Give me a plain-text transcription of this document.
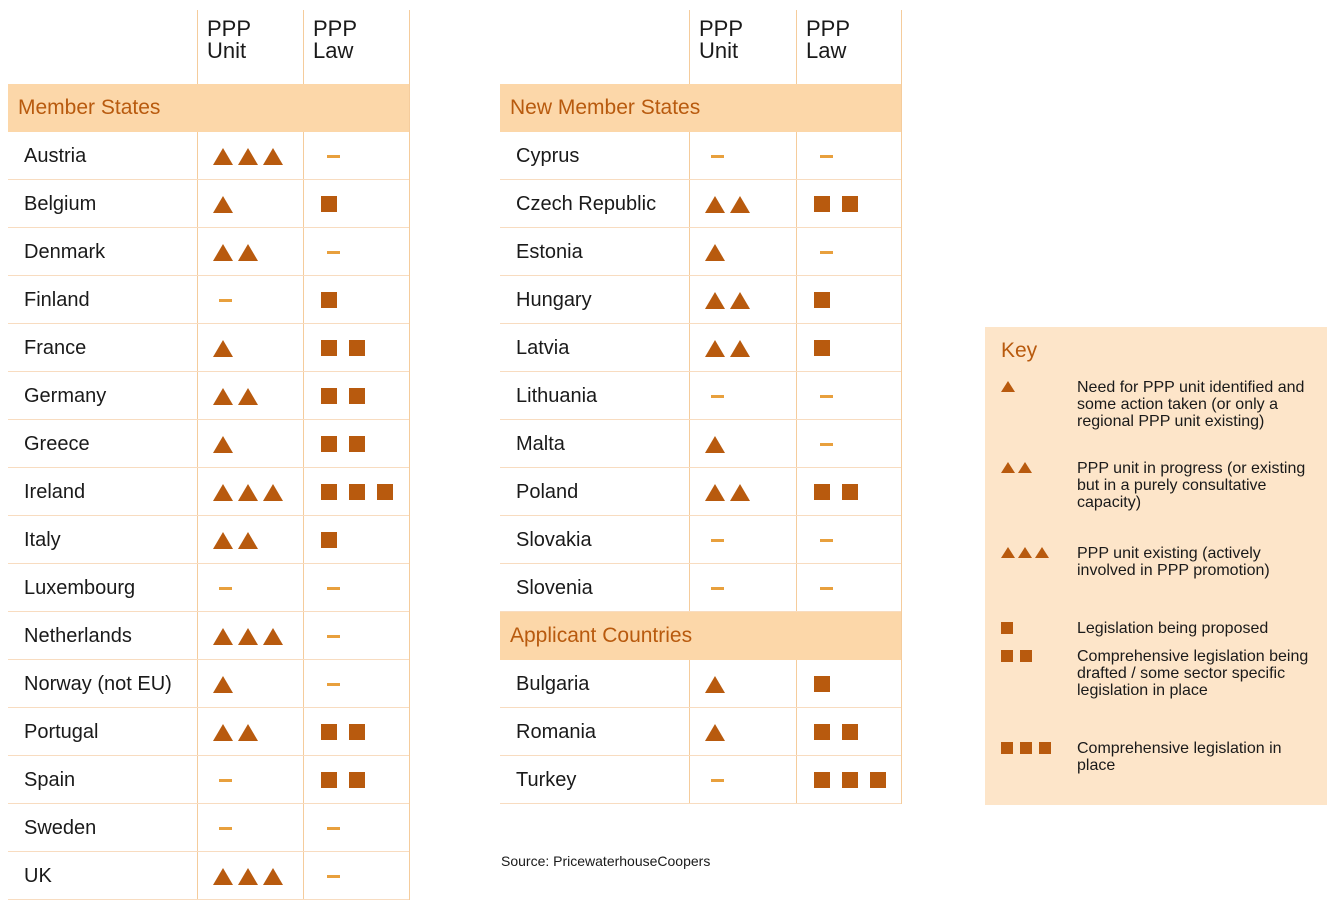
PPP
Unit
PPP
Law
Member States
Austria
Belgium
Denmark
Finland
France
Germany
Greece
Ireland
Italy
Luxembourg
Netherlands
Norway (not EU)
Portugal
Spain
Sweden
UK
PPP
Unit
PPP
Law
New Member States
Cyprus
Czech Republic
Estonia
Hungary
Latvia
Lithuania
Malta
Poland
Slovakia
Slovenia
Applicant Countries
Bulgaria
Romania
Turkey
Key
Need for PPP unit identified and some action taken (or only a regional PPP unit existing)
PPP unit in progress (or existing but in a purely consultative capacity)
PPP unit existing (actively involved in PPP promotion)
Legislation being proposed
Comprehensive legislation being drafted / some sector specific legislation in place
Comprehensive legislation in place
Source: PricewaterhouseCoopers
